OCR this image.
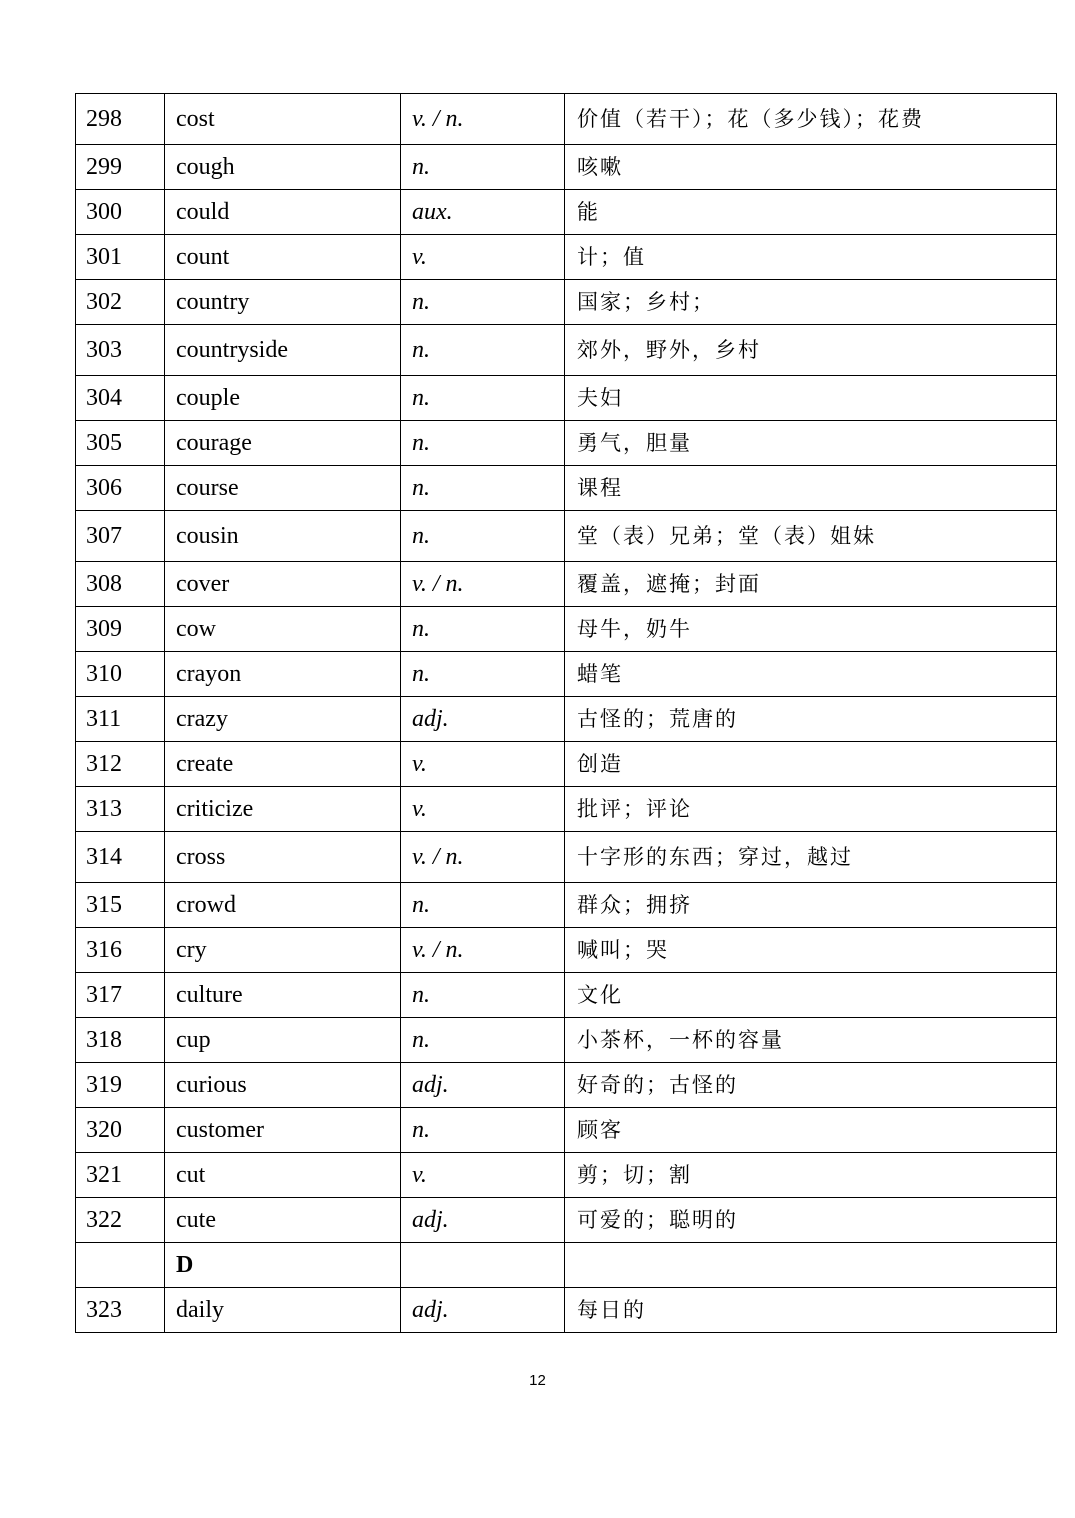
298	cost	v. / n.	价值（若干）；花（多少钱）；花费
299	cough	n.	咳嗽
300	could	aux.	能
301	count	v.	计；值
302	country	n.	国家；乡村；
303	countryside	n.	郊外，野外，乡村
304	couple	n.	夫妇
305	courage	n.	勇气，胆量
306	course	n.	课程
307	cousin	n.	堂（表）兄弟；堂（表）姐妹
308	cover	v. / n.	覆盖，遮掩；封面
309	cow	n.	母牛，奶牛
310	crayon	n.	蜡笔
311	crazy	adj.	古怪的；荒唐的
312	create	v.	创造
313	criticize	v.	批评；评论
314	cross	v. / n.	十字形的东西；穿过，越过
315	crowd	n.	群众；拥挤
316	cry	v. / n.	喊叫；哭
317	culture	n.	文化
318	cup	n.	小茶杯，一杯的容量
319	curious	adj.	好奇的；古怪的
320	customer	n.	顾客
321	cut	v.	剪；切；割
322	cute	adj.	可爱的；聪明的
	D		
323	daily	adj.	每日的
12
